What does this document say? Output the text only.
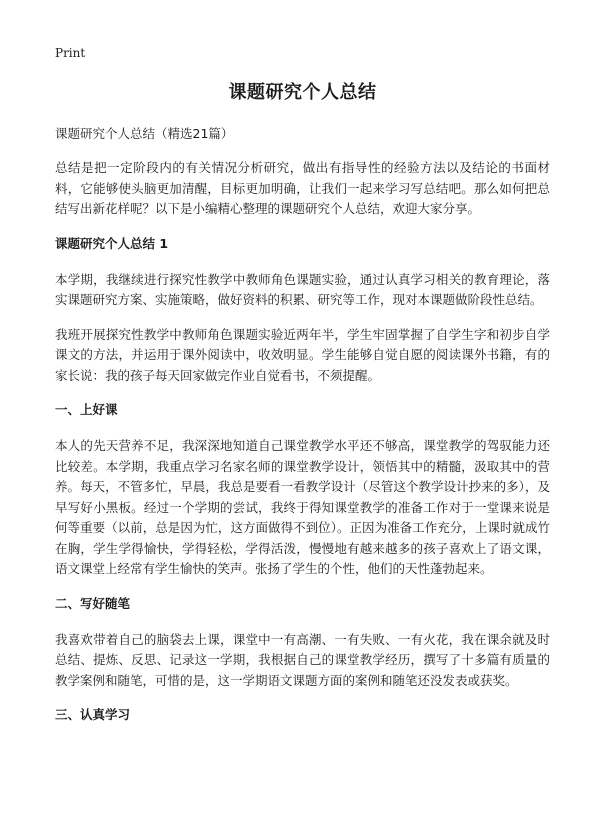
Print
课题研究个人总结
课题研究个人总结（精选21篇）

总结是把一定阶段内的有关情况分析研究，做出有指导性的经验方法以及结论的书面材料，它能够使头脑更加清醒，目标更加明确，让我们一起来学习写总结吧。那么如何把总结写出新花样呢？以下是小编精心整理的课题研究个人总结，欢迎大家分享。

课题研究个人总结 1

本学期，我继续进行探究性教学中教师角色课题实验，通过认真学习相关的教育理论，落实课题研究方案、实施策略，做好资料的积累、研究等工作，现对本课题做阶段性总结。

我班开展探究性教学中教师角色课题实验近两年半，学生牢固掌握了自学生字和初步自学课文的方法，并运用于课外阅读中，收效明显。学生能够自觉自愿的阅读课外书籍，有的家长说：我的孩子每天回家做完作业自觉看书，不须提醒。

一、上好课

本人的先天营养不足，我深深地知道自己课堂教学水平还不够高，课堂教学的驾驭能力还比较差。本学期，我重点学习名家名师的课堂教学设计，领悟其中的精髓，汲取其中的营养。每天，不管多忙，早晨，我总是要看一看教学设计（尽管这个教学设计抄来的多），及早写好小黑板。经过一个学期的尝试，我终于得知课堂教学的准备工作对于一堂课来说是何等重要（以前，总是因为忙，这方面做得不到位）。正因为准备工作充分，上课时就成竹在胸，学生学得愉快，学得轻松，学得活泼，慢慢地有越来越多的孩子喜欢上了语文课，语文课堂上经常有学生愉快的笑声。张扬了学生的个性，他们的天性蓬勃起来。

二、写好随笔

我喜欢带着自己的脑袋去上课，课堂中一有高潮、一有失败、一有火花，我在课余就及时总结、提炼、反思、记录这一学期，我根据自己的课堂教学经历，撰写了十多篇有质量的教学案例和随笔，可惜的是，这一学期语文课题方面的案例和随笔还没发表或获奖。

三、认真学习
